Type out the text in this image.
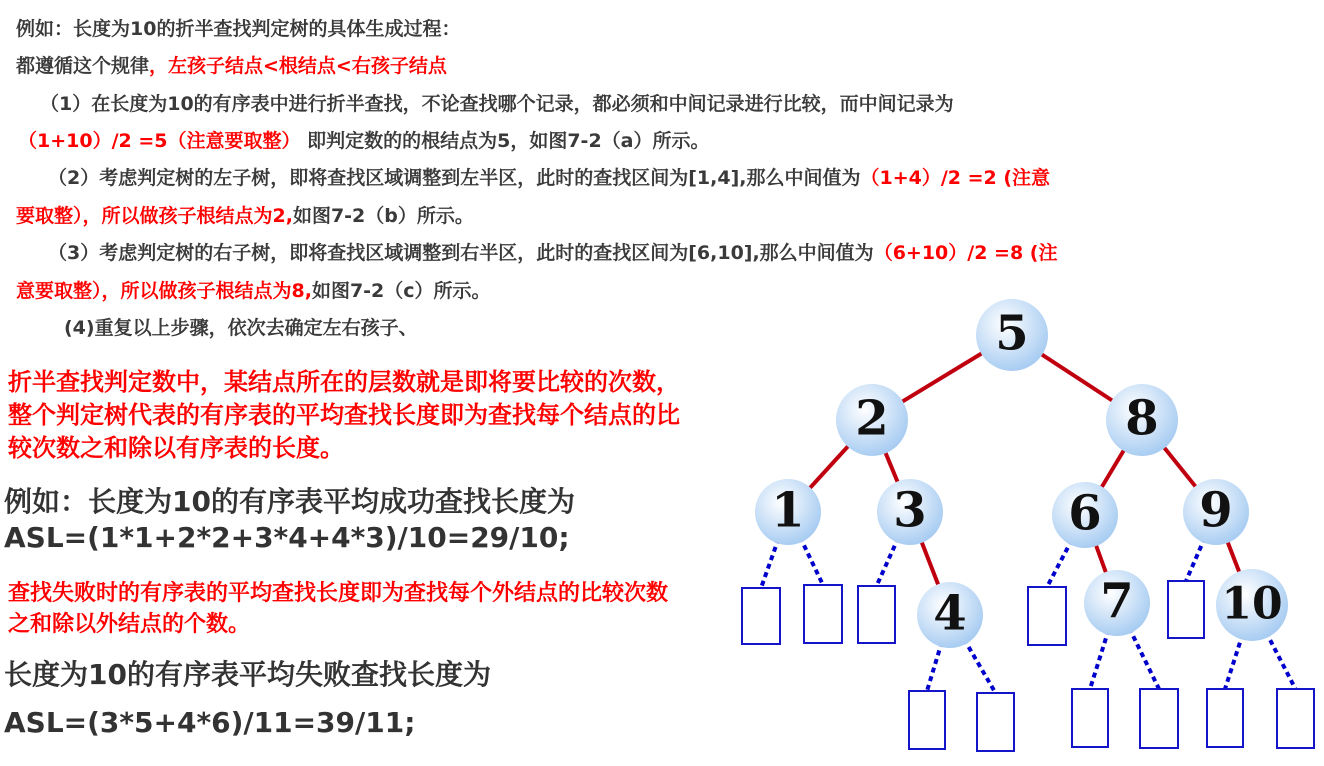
例如：长度为10的折半查找判定树的具体生成过程：
都遵循这个规律，左孩子结点<根结点<右孩子结点
（1）在长度为10的有序表中进行折半查找，不论查找哪个记录，都必须和中间记录进行比较，而中间记录为
（1+10）/2 =5（注意要取整） 即判定数的的根结点为5，如图7-2（a）所示。
（2）考虑判定树的左子树，即将查找区域调整到左半区，此时的查找区间为[1,4],那么中间值为（1+4）/2 =2 (注意
要取整），所以做孩子根结点为2,如图7-2（b）所示。
（3）考虑判定树的右子树，即将查找区域调整到右半区，此时的查找区间为[6,10],那么中间值为（6+10）/2 =8 (注
意要取整），所以做孩子根结点为8,如图7-2（c）所示。
(4)重复以上步骤，依次去确定左右孩子、
折半查找判定数中，某结点所在的层数就是即将要比较的次数，整个判定树代表的有序表的平均查找长度即为查找每个结点的比较次数之和除以有序表的长度。
例如：长度为10的有序表平均成功查找长度为
ASL=(1*1+2*2+3*4+4*3)/10=29/10;
查找失败时的有序表的平均查找长度即为查找每个外结点的比较次数之和除以外结点的个数。
长度为10的有序表平均失败查找长度为
ASL=(3*5+4*6)/11=39/11;
5
2	8
1 3	6 9
4	7 10
